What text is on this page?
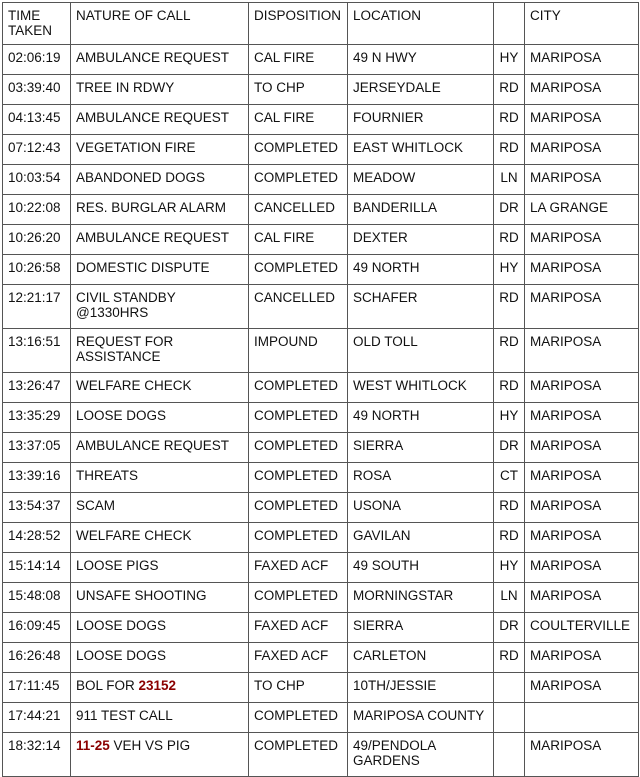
TIME TAKEN	NATURE OF CALL	DISPOSITION	LOCATION		CITY
02:06:19	AMBULANCE REQUEST	CAL FIRE	49 N HWY	HY	MARIPOSA
03:39:40	TREE IN RDWY	TO CHP	JERSEYDALE	RD	MARIPOSA
04:13:45	AMBULANCE REQUEST	CAL FIRE	FOURNIER	RD	MARIPOSA
07:12:43	VEGETATION FIRE	COMPLETED	EAST WHITLOCK	RD	MARIPOSA
10:03:54	ABANDONED DOGS	COMPLETED	MEADOW	LN	MARIPOSA
10:22:08	RES. BURGLAR ALARM	CANCELLED	BANDERILLA	DR	LA GRANGE
10:26:20	AMBULANCE REQUEST	CAL FIRE	DEXTER	RD	MARIPOSA
10:26:58	DOMESTIC DISPUTE	COMPLETED	49 NORTH	HY	MARIPOSA
12:21:17	CIVIL STANDBY @1330HRS	CANCELLED	SCHAFER	RD	MARIPOSA
13:16:51	REQUEST FOR ASSISTANCE	IMPOUND	OLD TOLL	RD	MARIPOSA
13:26:47	WELFARE CHECK	COMPLETED	WEST WHITLOCK	RD	MARIPOSA
13:35:29	LOOSE DOGS	COMPLETED	49 NORTH	HY	MARIPOSA
13:37:05	AMBULANCE REQUEST	COMPLETED	SIERRA	DR	MARIPOSA
13:39:16	THREATS	COMPLETED	ROSA	CT	MARIPOSA
13:54:37	SCAM	COMPLETED	USONA	RD	MARIPOSA
14:28:52	WELFARE CHECK	COMPLETED	GAVILAN	RD	MARIPOSA
15:14:14	LOOSE PIGS	FAXED ACF	49 SOUTH	HY	MARIPOSA
15:48:08	UNSAFE SHOOTING	COMPLETED	MORNINGSTAR	LN	MARIPOSA
16:09:45	LOOSE DOGS	FAXED ACF	SIERRA	DR	COULTERVILLE
16:26:48	LOOSE DOGS	FAXED ACF	CARLETON	RD	MARIPOSA
17:11:45	BOL FOR 23152	TO CHP	10TH/JESSIE		MARIPOSA
17:44:21	911 TEST CALL	COMPLETED	MARIPOSA COUNTY		
18:32:14	11-25 VEH VS PIG	COMPLETED	49/PENDOLA GARDENS		MARIPOSA
